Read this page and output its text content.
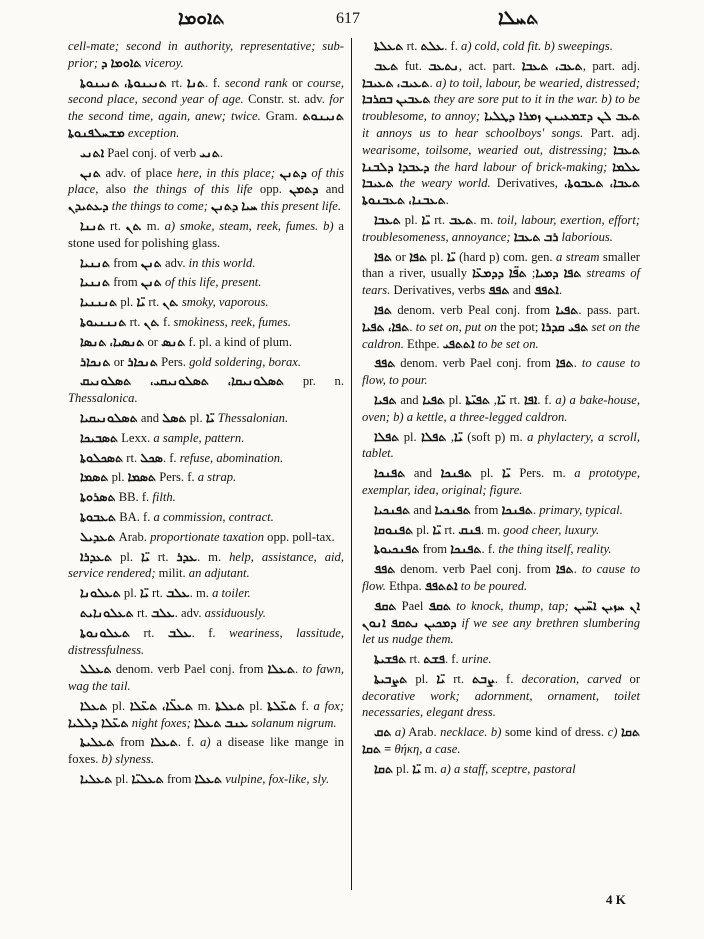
ܬܐܘܡܐ	617	ܬܚܠܐ

cell-mate; second in authority, representative; sub-prior; ܬܐܘܡܐ ܕ viceroy.

ܬܢܝܢܘܬܐ، ܬܢܝܢܘܬܐ rt. ܬܢܐ. f. second rank or course, second place, second year of age. Constr. st. adv. for the second time, again, anew; twice. Gram. ܬܢܝܢܘܬ ܡܫܚܠܦܢܘܬܐ exception.

ܐܬܢܝ Pael conj. of verb ܬܢܝ.

ܬܢܢ adv. of place here, in this place; ܕܬܢܢ of this place, also the things of this life opp. ܕܬܡܢ and ܕܥܬܝܕܢ the things to come; ܚܝܐ ܕܬܢܢ this present life.

ܬܢܢܐ rt. ܬܢ. m. a) smoke, steam, reek, fumes. b) a stone used for polishing glass.

ܬܢܢܝܐ from ܬܢܢ adv. in this world.

ܬܢܢܝܐ from ܬܢܢ of this life, present.

ܬܢܢܢܝܐ pl. ܝ̈ܐ rt. ܬܢ. smoky, vaporous.

ܬܢܢܢܝܘܬܐ rt. ܬܢ. f. smokiness, reek, fumes.

ܬܢܣܝܐ، ܬܢܣܐ or ܬܢܣ f. pl. a kind of plum.

ܬܢܟܐܪ or ܬܢܟܐܪ Pers. gold soldering, borax.

ܬܣܠܘܢܝܩܐ، ܬܣܠܘܢܝܩܝ، ܬܣܠܘܢܝܩ pr. n. Thessalonica.

ܬܣܠܘܢܝܩܝܐ and ܬܣܠ pl. ܝ̈ܐ Thessalonian.

ܬܣܒܝܟܐ Lexx. a sample, pattern.

ܬܣܟܠܘܬܐ rt. ܣܟܠ. f. refuse, abomination.

ܬܣܡܐ pl. ܬܣܡܐ Pers. f. a strap.

ܬܣܪܘܬܐ BB. f. filth.

ܬܥܒܘܬܐ BA. f. a commission, contract.

ܬܥܕܝܠ Arab. proportionate taxation opp. poll-tax.

ܬܥܕܪܐ pl. ܝ̈ܐ rt. ܥܕܪ. m. help, assistance, aid, service rendered; milit. an adjutant.

ܬܥܠܘܢܐ pl. ܝ̈ܐ rt. ܥܠܒ. m. a toiler.

ܬܥܠܘܢܐܝܬ rt. ܥܠܒ. adv. assiduously.

ܬܥܠܘܢܘܬܐ rt. ܥܠܒ. f. weariness, lassitude, distressfulness.

ܬܥܠܠ denom. verb Pael conj. from ܬܥܠܐ. to fawn, wag the tail.

ܬܥܠܐ pl. ܬܥܠ̈ܐ، ܬܥ̈ܠܐ m. ܬܥܠܬܐ pl. ܬܥ̈ܠܬܐ f. a fox; ܬܥ̈ܠܐ ܕܠܠܝܐ night foxes; ܥܢܒ ܬܥܠܐ solanum nigrum.

ܬܥܠܝܬܐ from ܬܥܠܐ. f. a) a disease like mange in foxes. b) slyness.

ܬܥܠܝܐ pl. ܬܥܠܝ̈ܐ from ܬܥܠܐ vulpine, fox-like, sly.

ܬܥܠܬܐ rt. ܥܠܬ. f. a) cold, cold fit. b) sweepings.

ܬܥܒ fut. ܢܬܥܒ, act. part. ܬܥܒ، ܬܥܒܐ, part. adj. ܬܥܝܒ، ܬܥܝܒܐ. a) to toil, labour, be wearied, distressed; ܬܥܒܝܢ ܒܩܪܒܐ they are sore put to it in the war. b) to be troublesome, to annoy; ܬܥܒ ܠܢ ܕܫܡܥܝܢܢ ܙܡܪܐ ܕܛܠܝܐ it annoys us to hear schoolboys' songs. Part. adj. wearisome, toilsome, wearied out, distressing; ܬܥܒܐ ܕܥܒܕܐ ܕܠܒܢܐ the hard labour of brick-making; ܥܠܡܐ ܬܥܝܒܐ the weary world. Derivatives, ܬܥܒܐ، ܬܥܒܘܬܐ، ܬܥܒܢܐ، ܬܥܒܢܘܬܐ.

ܬܥܒܐ pl. ܝ̈ܐ rt. ܬܥܒ. m. toil, labour, exertion, effort; troublesomeness, annoyance; ܪܒ ܬܥܒܐ laborious.

ܬܦܐ or ܬܦܐ pl. ܝ̈ܐ (hard p) com. gen. a stream smaller than a river, usually	ܬܦܐ ܕܡܝܐ; ܬܦ̈ܐ ܕܕܡܥ̈ܐ	streams of tears. Derivatives, verbs ܬܦܦ and ܐܬܦܦ.

ܬܦܐ denom. verb Peal conj. from ܬܦܝܐ. pass. part. ܬܦܐ، ܬܦܝܐ. to set on, put on the pot; ܬܦܝ ܩܕܪܐ set on the caldron. Ethpe. ܐܬܬܦܝ to be set on.

ܬܦܦ denom. verb Pael conj. from ܬܦܐ. to cause to flow, to pour.

ܬܦܝܐ and ܬܦܝܐ pl.	ܝ̈ܐ, ܬܦܝ̈ܬܐ rt. ܐܦܐ. f. a) a bake-house, oven; b) a kettle, a three-legged caldron.

ܬܦܠܐ pl.	ܝ̈ܐ, ܬܦܠܐ (soft p) m. a phylactery, a scroll, tablet.

ܬܦܢܟܐ and ܬܦܢܟܐ pl. ܝ̈ܐ Pers. m. a prototype, exemplar, idea, original; figure.

ܬܦܢܟܝܐ and ܬܦܢܟܝܐ from ܬܦܢܟܐ. primary, typical.

ܬܦܢܘܩܐ pl. ܝ̈ܐ rt. ܦܢܩ. m. good cheer, luxury.

ܬܦܢܟܝܘܬܐ from ܬܦܢܟܐ. f. the thing itself, reality.

ܬܦܦ denom. verb Pael conj. from ܬܦܐ. to cause to flow. Ethpa. ܐܬܬܦܦ to be poured.

ܬܩܦ Pael ܬܩܦ to knock, thump, tap; ܐܢ ܚܙܝܢ ܐܚ̈ܝܢ ܕܡܟܝܢ ܢܬܩܦ ܐܢܘܢ if we see any brethren slumbering let us nudge them.

ܬܦܫܝܬܐ rt. ܦܫܬ. f. urine.

ܬܨܒܝܬܐ pl. ܝ̈ܐ rt. ܨܒܬ. f. decoration, carved or decorative work; adornment, ornament, toilet necessaries, elegant dress.

ܬܩ a) Arab. necklace. b) some kind of dress. c) ܬܩܐ = ܬܩܐ θήκη, a case.

ܬܩܐ pl. ܝ̈ܐ m. a) a staff, sceptre, pastoral

4 K
